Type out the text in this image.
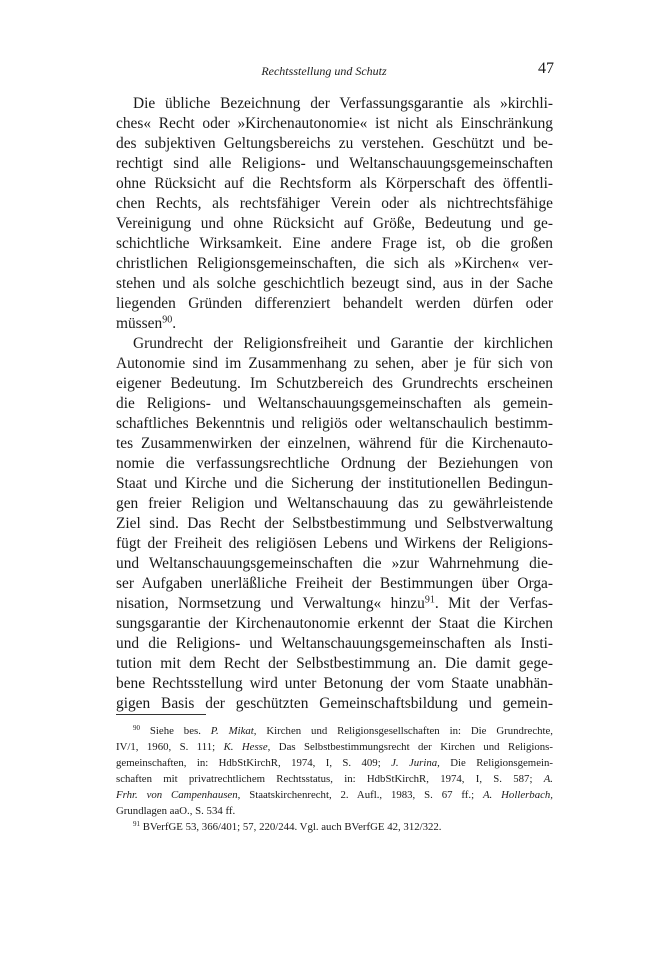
Rechtsstellung und Schutz	47
Die übliche Bezeichnung der Verfassungsgarantie als »kirchli-
ches« Recht oder »Kirchenautonomie« ist nicht als Einschränkung
des subjektiven Geltungsbereichs zu verstehen. Geschützt und be-
rechtigt sind alle Religions- und Weltanschauungsgemeinschaften
ohne Rücksicht auf die Rechtsform als Körperschaft des öffentli-
chen Rechts, als rechtsfähiger Verein oder als nichtrechtsfähige
Vereinigung und ohne Rücksicht auf Größe, Bedeutung und ge-
schichtliche Wirksamkeit. Eine andere Frage ist, ob die großen
christlichen Religionsgemeinschaften, die sich als »Kirchen« ver-
stehen und als solche geschichtlich bezeugt sind, aus in der Sache
liegenden Gründen differenziert behandelt werden dürfen oder
müssen$^{90}$.
Grundrecht der Religionsfreiheit und Garantie der kirchlichen
Autonomie sind im Zusammenhang zu sehen, aber je für sich von
eigener Bedeutung. Im Schutzbereich des Grundrechts erscheinen
die Religions- und Weltanschauungsgemeinschaften als gemein-
schaftliches Bekenntnis und religiös oder weltanschaulich bestimm-
tes Zusammenwirken der einzelnen, während für die Kirchenauto-
nomie die verfassungsrechtliche Ordnung der Beziehungen von
Staat und Kirche und die Sicherung der institutionellen Bedingun-
gen freier Religion und Weltanschauung das zu gewährleistende
Ziel sind. Das Recht der Selbstbestimmung und Selbstverwaltung
fügt der Freiheit des religiösen Lebens und Wirkens der Religions-
und Weltanschauungsgemeinschaften die »zur Wahrnehmung die-
ser Aufgaben unerläßliche Freiheit der Bestimmungen über Orga-
nisation, Normsetzung und Verwaltung« hinzu$^{91}$. Mit der Verfas-
sungsgarantie der Kirchenautonomie erkennt der Staat die Kirchen
und die Religions- und Weltanschauungsgemeinschaften als Insti-
tution mit dem Recht der Selbstbestimmung an. Die damit gege-
bene Rechtsstellung wird unter Betonung der vom Staate unabhän-
gigen Basis der geschützten Gemeinschaftsbildung und gemein-
$^{90}$ Siehe bes. P. Mikat, Kirchen und Religionsgesellschaften in: Die Grundrechte,
IV/1, 1960, S. 111; K. Hesse, Das Selbstbestimmungsrecht der Kirchen und Religions-
gemeinschaften, in: HdbStKirchR, 1974, I, S. 409; J. Jurina, Die Religionsgemein-
schaften mit privatrechtlichem Rechtsstatus, in: HdbStKirchR, 1974, I, S. 587; A.
Frhr. von Campenhausen, Staatskirchenrecht, 2. Aufl., 1983, S. 67 ff.; A. Hollerbach,
Grundlagen aaO., S. 534 ff.
$^{91}$ BVerfGE 53, 366/401; 57, 220/244. Vgl. auch BVerfGE 42, 312/322.
